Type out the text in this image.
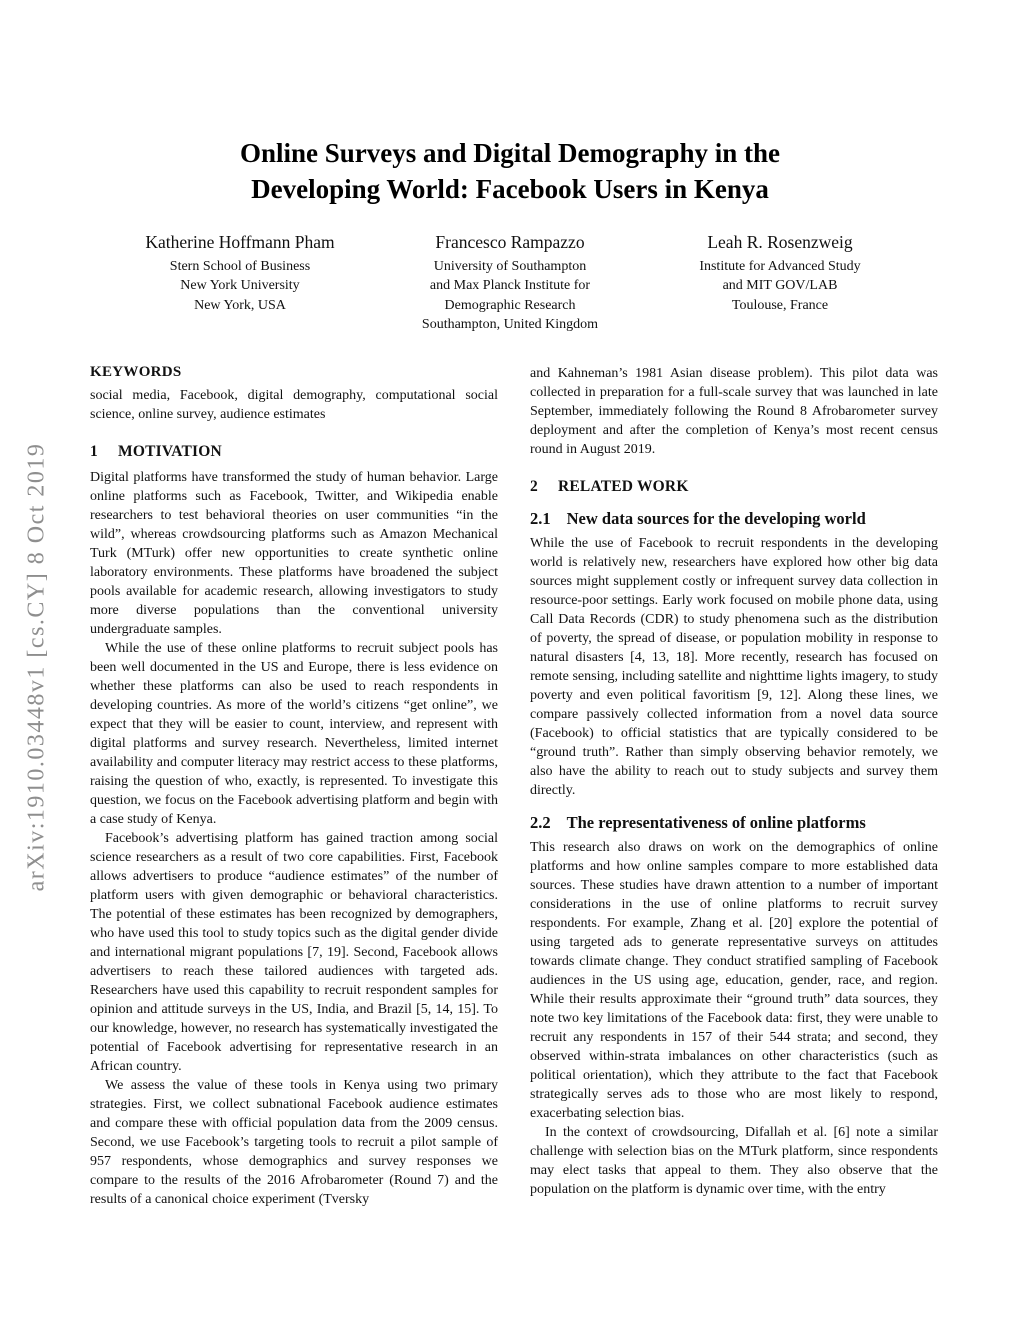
arXiv:1910.03448v1 [cs.CY] 8 Oct 2019
Online Surveys and Digital Demography in the Developing World: Facebook Users in Kenya
Katherine Hoffmann Pham
Stern School of Business
New York University
New York, USA
Francesco Rampazzo
University of Southampton
and Max Planck Institute for
Demographic Research
Southampton, United Kingdom
Leah R. Rosenzweig
Institute for Advanced Study
and MIT GOV/LAB
Toulouse, France
KEYWORDS

social media, Facebook, digital demography, computational social science, online survey, audience estimates

1 MOTIVATION

Digital platforms have transformed the study of human behavior. Large online platforms such as Facebook, Twitter, and Wikipedia enable researchers to test behavioral theories on user communities “in the wild”, whereas crowdsourcing platforms such as Amazon Mechanical Turk (MTurk) offer new opportunities to create synthetic online laboratory environments. These platforms have broadened the subject pools available for academic research, allowing investigators to study more diverse populations than the conventional university undergraduate samples.

While the use of these online platforms to recruit subject pools has been well documented in the US and Europe, there is less evidence on whether these platforms can also be used to reach respondents in developing countries. As more of the world’s citizens “get online”, we expect that they will be easier to count, interview, and represent with digital platforms and survey research. Nevertheless, limited internet availability and computer literacy may restrict access to these platforms, raising the question of who, exactly, is represented. To investigate this question, we focus on the Facebook advertising platform and begin with a case study of Kenya.

Facebook’s advertising platform has gained traction among social science researchers as a result of two core capabilities. First, Facebook allows advertisers to produce “audience estimates” of the number of platform users with given demographic or behavioral characteristics. The potential of these estimates has been recognized by demographers, who have used this tool to study topics such as the digital gender divide and international migrant populations [7, 19]. Second, Facebook allows advertisers to reach these tailored audiences with targeted ads. Researchers have used this capability to recruit respondent samples for opinion and attitude surveys in the US, India, and Brazil [5, 14, 15]. To our knowledge, however, no research has systematically investigated the potential of Facebook advertising for representative research in an African country.

We assess the value of these tools in Kenya using two primary strategies. First, we collect subnational Facebook audience estimates and compare these with official population data from the 2009 census. Second, we use Facebook’s targeting tools to recruit a pilot sample of 957 respondents, whose demographics and survey responses we compare to the results of the 2016 Afrobarometer (Round 7) and the results of a canonical choice experiment (Tversky

and Kahneman’s 1981 Asian disease problem). This pilot data was collected in preparation for a full-scale survey that was launched in late September, immediately following the Round 8 Afrobarometer survey deployment and after the completion of Kenya’s most recent census round in August 2019.

2 RELATED WORK
2.1 New data sources for the developing world

While the use of Facebook to recruit respondents in the developing world is relatively new, researchers have explored how other big data sources might supplement costly or infrequent survey data collection in resource-poor settings. Early work focused on mobile phone data, using Call Data Records (CDR) to study phenomena such as the distribution of poverty, the spread of disease, or population mobility in response to natural disasters [4, 13, 18]. More recently, research has focused on remote sensing, including satellite and nighttime lights imagery, to study poverty and even political favoritism [9, 12]. Along these lines, we compare passively collected information from a novel data source (Facebook) to official statistics that are typically considered to be “ground truth”. Rather than simply observing behavior remotely, we also have the ability to reach out to study subjects and survey them directly.

2.2 The representativeness of online platforms

This research also draws on work on the demographics of online platforms and how online samples compare to more established data sources. These studies have drawn attention to a number of important considerations in the use of online platforms to recruit survey respondents. For example, Zhang et al. [20] explore the potential of using targeted ads to generate representative surveys on attitudes towards climate change. They conduct stratified sampling of Facebook audiences in the US using age, education, gender, race, and region. While their results approximate their “ground truth” data sources, they note two key limitations of the Facebook data: first, they were unable to recruit any respondents in 157 of their 544 strata; and second, they observed within-strata imbalances on other characteristics (such as political orientation), which they attribute to the fact that Facebook strategically serves ads to those who are most likely to respond, exacerbating selection bias.

In the context of crowdsourcing, Difallah et al. [6] note a similar challenge with selection bias on the MTurk platform, since respondents may elect tasks that appeal to them. They also observe that the population on the platform is dynamic over time, with the entry
